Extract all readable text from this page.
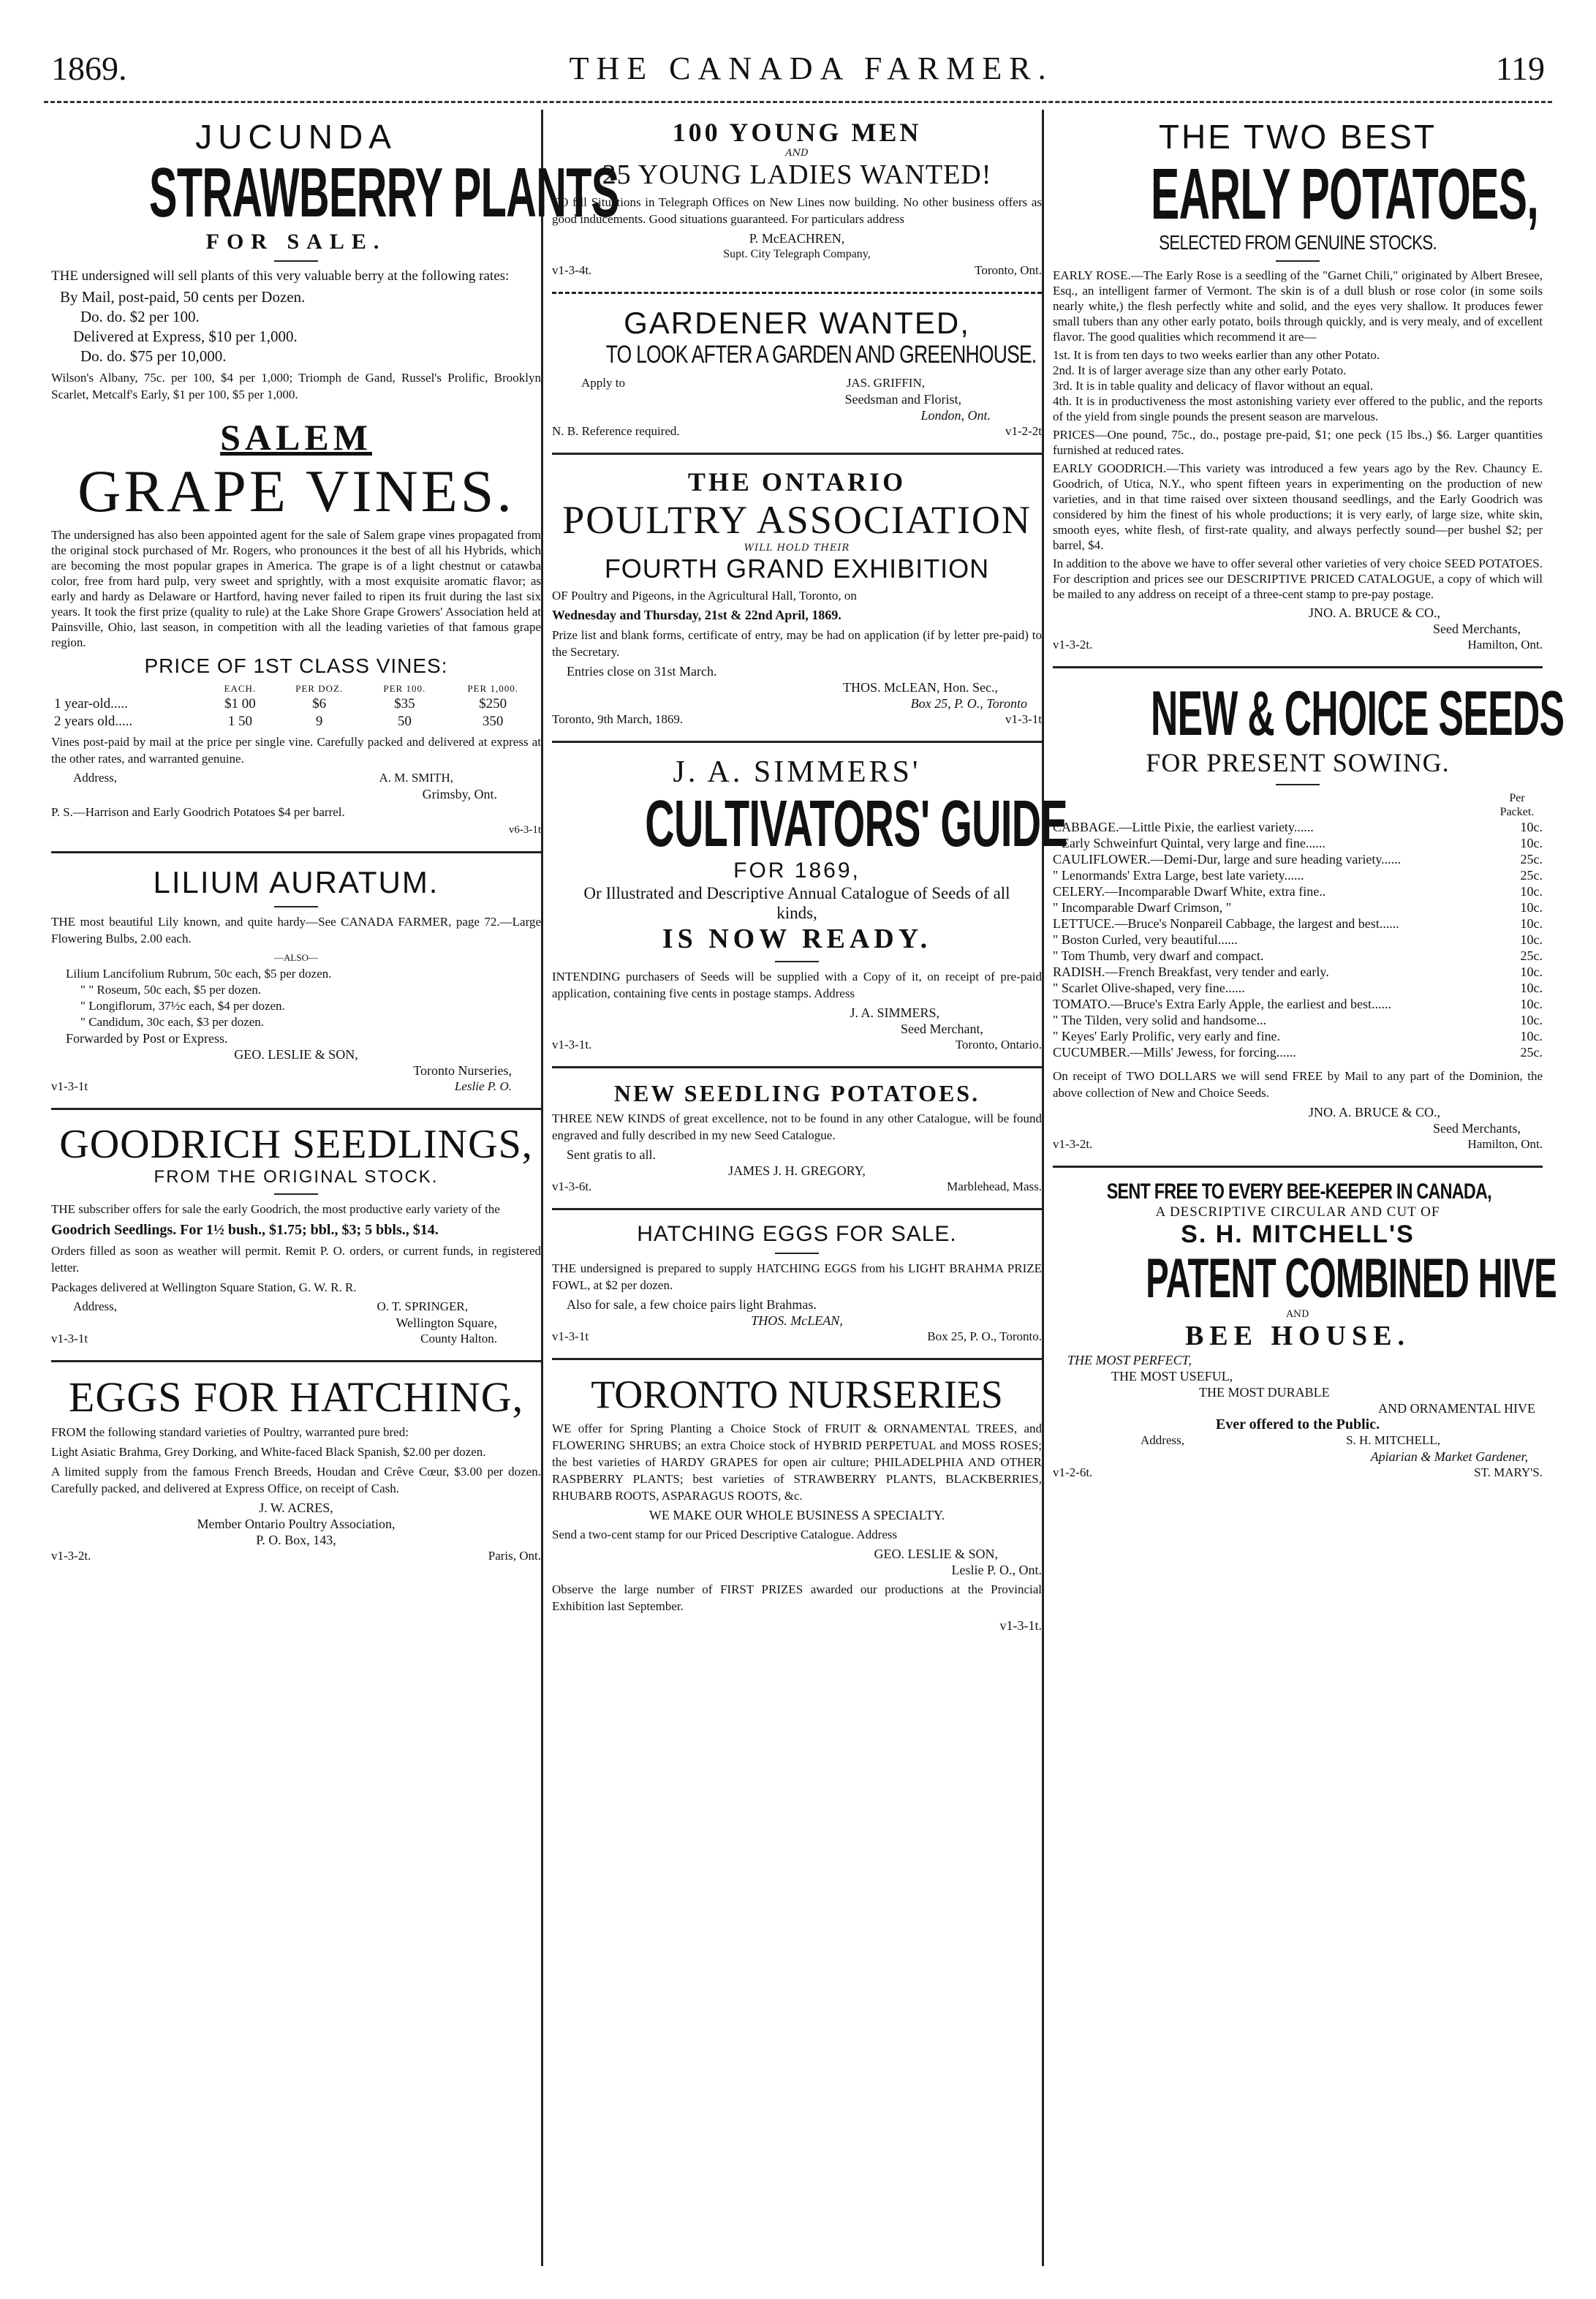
1869.	THE CANADA FARMER.	119
JUCUNDA
STRAWBERRY PLANTS
FOR SALE.

THE undersigned will sell plants of this very valuable berry at the following rates:

By Mail, post-paid, 50 cents per Dozen.
Do. do. $2 per 100.
Delivered at Express, $10 per 1,000.
Do. do. $75 per 10,000.

Wilson's Albany, 75c. per 100, $4 per 1,000; Triomph de Gand, Russel's Prolific, Brooklyn Scarlet, Metcalf's Early, $1 per 100, $5 per 1,000.

SALEM
GRAPE VINES.

The undersigned has also been appointed agent for the sale of Salem grape vines propagated from the original stock purchased of Mr. Rogers, who pronounces it the best of all his Hybrids, which are becoming the most popular grapes in America. The grape is of a light chestnut or catawba color, free from hard pulp, very sweet and sprightly, with a most exquisite aromatic flavor; as early and hardy as Delaware or Hartford, having never failed to ripen its fruit during the last six years. It took the first prize (quality to rule) at the Lake Shore Grape Growers' Association held at Painsville, Ohio, last season, in competition with all the leading varieties of that famous grape region.

PRICE OF 1ST CLASS VINES:
	EACH.	PER DOZ.	PER 100.	PER 1,000.
1 year-old.....	$1 00	$6	$35	$250
2 years old.....	1 50	9	50	350

Vines post-paid by mail at the price per single vine. Carefully packed and delivered at express at the other rates, and warranted genuine.

Address,	A. M. SMITH,
Grimsby, Ont.

P. S.—Harrison and Early Goodrich Potatoes $4 per barrel.

v6-3-1t
LILIUM AURATUM.

THE most beautiful Lily known, and quite hardy—See CANADA FARMER, page 72.—Large Flowering Bulbs, 2.00 each.

—ALSO—
Lilium Lancifolium Rubrum, 50c each, $5 per dozen.
" " Roseum, 50c each, $5 per dozen.
" Longiflorum, 37½c each, $4 per dozen.
" Candidum, 30c each, $3 per dozen.
Forwarded by Post or Express.
GEO. LESLIE & SON,
Toronto Nurseries,
v1-3-1t	Leslie P. O.
GOODRICH SEEDLINGS,
FROM THE ORIGINAL STOCK.

THE subscriber offers for sale the early Goodrich, the most productive early variety of the

Goodrich Seedlings. For 1½ bush., $1.75; bbl., $3; 5 bbls., $14.

Orders filled as soon as weather will permit. Remit P. O. orders, or current funds, in registered letter.

Packages delivered at Wellington Square Station, G. W. R. R.

Address,	O. T. SPRINGER,
Wellington Square,
v1-3-1t	County Halton.
EGGS FOR HATCHING,

FROM the following standard varieties of Poultry, warranted pure bred:

Light Asiatic Brahma, Grey Dorking, and White-faced Black Spanish, $2.00 per dozen.

A limited supply from the famous French Breeds, Houdan and Crêve Cœur, $3.00 per dozen. Carefully packed, and delivered at Express Office, on receipt of Cash.

J. W. ACRES,
Member Ontario Poultry Association,
P. O. Box, 143,
v1-3-2t.	Paris, Ont.
100 YOUNG MEN
AND
25 YOUNG LADIES WANTED!

TO fill Situations in Telegraph Offices on New Lines now building. No other business offers as good inducements. Good situations guaranteed. For particulars address

P. McEACHREN,
Supt. City Telegraph Company,
v1-3-4t.	Toronto, Ont.
GARDENER WANTED,
TO LOOK AFTER A GARDEN AND GREENHOUSE.
Apply to	JAS. GRIFFIN,
Seedsman and Florist,
London, Ont.
N. B. Reference required.	v1-2-2t
THE ONTARIO
POULTRY ASSOCIATION
WILL HOLD THEIR
FOURTH GRAND EXHIBITION

OF Poultry and Pigeons, in the Agricultural Hall, Toronto, on

Wednesday and Thursday, 21st & 22nd April, 1869.

Prize list and blank forms, certificate of entry, may be had on application (if by letter pre-paid) to the Secretary.

Entries close on 31st March.
THOS. McLEAN, Hon. Sec.,
Box 25, P. O., Toronto
Toronto, 9th March, 1869.	v1-3-1t
J. A. SIMMERS'
CULTIVATORS' GUIDE
FOR 1869,
Or Illustrated and Descriptive Annual Catalogue of Seeds of all kinds,
IS NOW READY.

INTENDING purchasers of Seeds will be supplied with a Copy of it, on receipt of pre-paid application, containing five cents in postage stamps. Address

J. A. SIMMERS,
Seed Merchant,
v1-3-1t.	Toronto, Ontario.
NEW SEEDLING POTATOES.

THREE NEW KINDS of great excellence, not to be found in any other Catalogue, will be found engraved and fully described in my new Seed Catalogue.

Sent gratis to all.
JAMES J. H. GREGORY,
v1-3-6t.	Marblehead, Mass.
HATCHING EGGS FOR SALE.

THE undersigned is prepared to supply HATCHING EGGS from his LIGHT BRAHMA PRIZE FOWL, at $2 per dozen.

Also for sale, a few choice pairs light Brahmas.
THOS. McLEAN,
v1-3-1t	Box 25, P. O., Toronto.
TORONTO NURSERIES

WE offer for Spring Planting a Choice Stock of FRUIT & ORNAMENTAL TREES, and FLOWERING SHRUBS; an extra Choice stock of HYBRID PERPETUAL and MOSS ROSES; the best varieties of HARDY GRAPES for open air culture; PHILADELPHIA AND OTHER RASPBERRY PLANTS; best varieties of STRAWBERRY PLANTS, BLACKBERRIES, RHUBARB ROOTS, ASPARAGUS ROOTS, &c.

WE MAKE OUR WHOLE BUSINESS A SPECIALTY.

Send a two-cent stamp for our Priced Descriptive Catalogue. Address

GEO. LESLIE & SON,
Leslie P. O., Ont.

Observe the large number of FIRST PRIZES awarded our productions at the Provincial Exhibition last September.

v1-3-1t.
THE TWO BEST
EARLY POTATOES,
SELECTED FROM GENUINE STOCKS.

EARLY ROSE.—The Early Rose is a seedling of the "Garnet Chili," originated by Albert Bresee, Esq., an intelligent farmer of Vermont. The skin is of a dull blush or rose color (in some soils nearly white,) the flesh perfectly white and solid, and the eyes very shallow. It produces fewer small tubers than any other early potato, boils through quickly, and is very mealy, and of excellent flavor. The good qualities which recommend it are—

1st. It is from ten days to two weeks earlier than any other Potato.

2nd. It is of larger average size than any other early Potato.

3rd. It is in table quality and delicacy of flavor without an equal.

4th. It is in productiveness the most astonishing variety ever offered to the public, and the reports of the yield from single pounds the present season are marvelous.

PRICES—One pound, 75c., do., postage pre-paid, $1; one peck (15 lbs.,) $6. Larger quantities furnished at reduced rates.

EARLY GOODRICH.—This variety was introduced a few years ago by the Rev. Chauncy E. Goodrich, of Utica, N.Y., who spent fifteen years in experimenting on the production of new varieties, and in that time raised over sixteen thousand seedlings, and the Early Goodrich was considered by him the finest of his whole productions; it is very early, of large size, white skin, smooth eyes, white flesh, of first-rate quality, and always perfectly sound—per bushel $2; per barrel, $4.

In addition to the above we have to offer several other varieties of very choice SEED POTATOES. For description and prices see our DESCRIPTIVE PRICED CATALOGUE, a copy of which will be mailed to any address on receipt of a three-cent stamp to pre-pay postage.

JNO. A. BRUCE & CO.,
Seed Merchants,
v1-3-2t.	Hamilton, Ont.
NEW & CHOICE SEEDS
FOR PRESENT SOWING.
Per Packet.
CABBAGE.—Little Pixie, the earliest variety......	10c.
" Early Schweinfurt Quintal, very large and fine......	10c.
CAULIFLOWER.—Demi-Dur, large and sure heading variety......	25c.
" Lenormands' Extra Large, best late variety......	25c.
CELERY.—Incomparable Dwarf White, extra fine..	10c.
" Incomparable Dwarf Crimson, "	10c.
LETTUCE.—Bruce's Nonpareil Cabbage, the largest and best......	10c.
" Boston Curled, very beautiful......	10c.
" Tom Thumb, very dwarf and compact.	25c.
RADISH.—French Breakfast, very tender and early.	10c.
" Scarlet Olive-shaped, very fine......	10c.
TOMATO.—Bruce's Extra Early Apple, the earliest and best......	10c.
" The Tilden, very solid and handsome...	10c.
" Keyes' Early Prolific, very early and fine.	10c.
CUCUMBER.—Mills' Jewess, for forcing......	25c.

On receipt of TWO DOLLARS we will send FREE by Mail to any part of the Dominion, the above collection of New and Choice Seeds.

JNO. A. BRUCE & CO.,
Seed Merchants,
v1-3-2t.	Hamilton, Ont.
SENT FREE TO EVERY BEE-KEEPER IN CANADA,
A DESCRIPTIVE CIRCULAR AND CUT OF
S. H. MITCHELL'S
PATENT COMBINED HIVE
AND
BEE HOUSE.
THE MOST PERFECT,
THE MOST USEFUL,
THE MOST DURABLE
AND ORNAMENTAL HIVE
Ever offered to the Public.
Address,	S. H. MITCHELL,
Apiarian & Market Gardener,
v1-2-6t.	ST. MARY'S.
